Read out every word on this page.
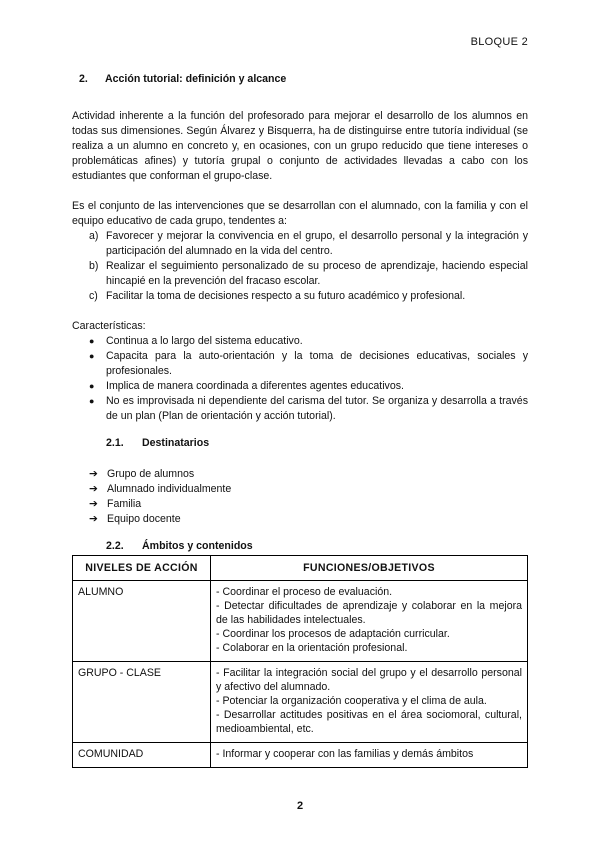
BLOQUE 2
2.	Acción tutorial: definición y alcance
Actividad inherente a la función del profesorado para mejorar el desarrollo de los alumnos en todas sus dimensiones. Según Álvarez y Bisquerra, ha de distinguirse entre tutoría individual (se realiza a un alumno en concreto y, en ocasiones, con un grupo reducido que tiene intereses o problemáticas afines) y tutoría grupal o conjunto de actividades llevadas a cabo con los estudiantes que conforman el grupo-clase.
Es el conjunto de las intervenciones que se desarrollan con el alumnado, con la familia y con el equipo educativo de cada grupo, tendentes a:
a) Favorecer y mejorar la convivencia en el grupo, el desarrollo personal y la integración y participación del alumnado en la vida del centro.
b) Realizar el seguimiento personalizado de su proceso de aprendizaje, haciendo especial hincapié en la prevención del fracaso escolar.
c) Facilitar la toma de decisiones respecto a su futuro académico y profesional.
Características:
●	Continua a lo largo del sistema educativo.
●	Capacita para la auto-orientación y la toma de decisiones educativas, sociales y profesionales.
●	Implica de manera coordinada a diferentes agentes educativos.
●	No es improvisada ni dependiente del carisma del tutor. Se organiza y desarrolla a través de un plan (Plan de orientación y acción tutorial).
2.1.	Destinatarios
➔ Grupo de alumnos
➔ Alumnado individualmente
➔ Familia
➔ Equipo docente
2.2.	Ámbitos y contenidos
NIVELES DE ACCIÓN	FUNCIONES/OBJETIVOS
ALUMNO	- Coordinar el proceso de evaluación.
- Detectar dificultades de aprendizaje y colaborar en la mejora de las habilidades intelectuales.
- Coordinar los procesos de adaptación curricular.
- Colaborar en la orientación profesional.

GRUPO - CLASE	- Facilitar la integración social del grupo y el desarrollo personal y afectivo del alumnado.
- Potenciar la organización cooperativa y el clima de aula.
- Desarrollar actitudes positivas en el área sociomoral, cultural, medioambiental, etc.

COMUNIDAD	- Informar y cooperar con las familias y demás ámbitos
2
